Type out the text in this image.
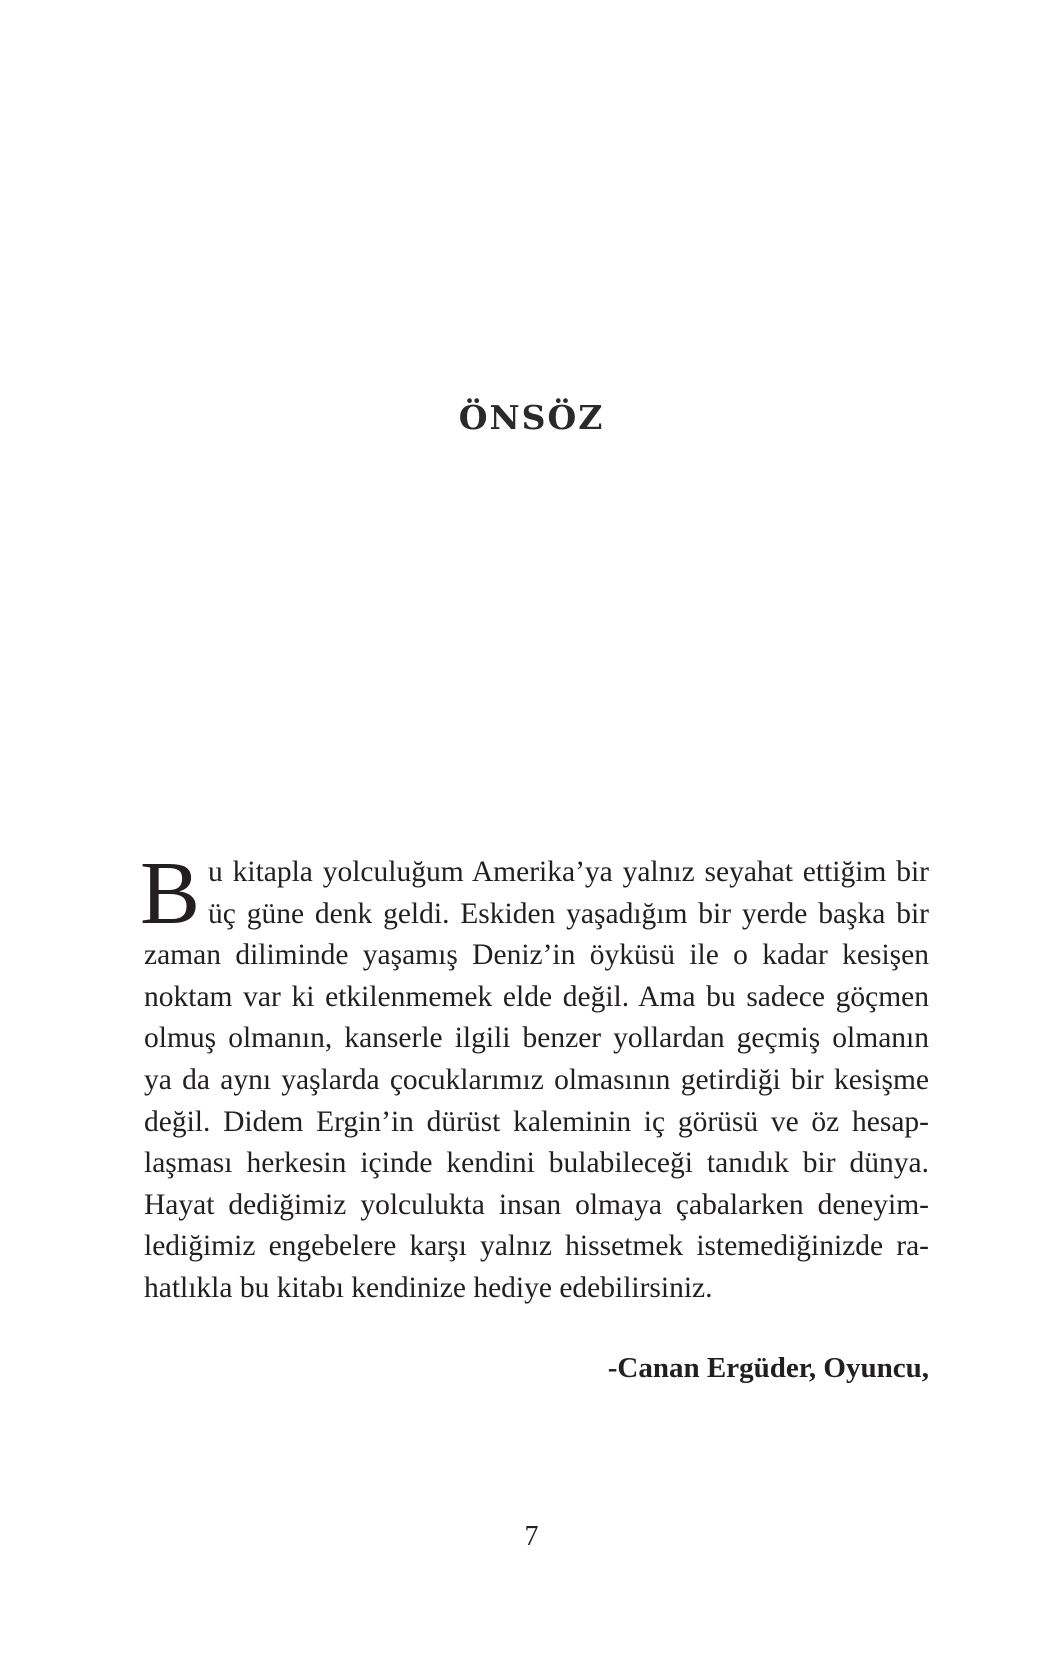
ÖNSÖZ
B u kitapla yolculuğum Amerika’ya yalnız seyahat ettiğim bir
üç güne denk geldi. Eskiden yaşadığım bir yerde başka bir
zaman diliminde yaşamış Deniz’in öyküsü ile o kadar kesişen
noktam var ki etkilenmemek elde değil. Ama bu sadece göçmen
olmuş olmanın, kanserle ilgili benzer yollardan geçmiş olmanın
ya da aynı yaşlarda çocuklarımız olmasının getirdiği bir kesişme
değil. Didem Ergin’in dürüst kaleminin iç görüsü ve öz hesap-
laşması herkesin içinde kendini bulabileceği tanıdık bir dünya.
Hayat dediğimiz yolculukta insan olmaya çabalarken deneyim-
lediğimiz engebelere karşı yalnız hissetmek istemediğinizde ra-
hatlıkla bu kitabı kendinize hediye edebilirsiniz.
-Canan Ergüder, Oyuncu,
7
